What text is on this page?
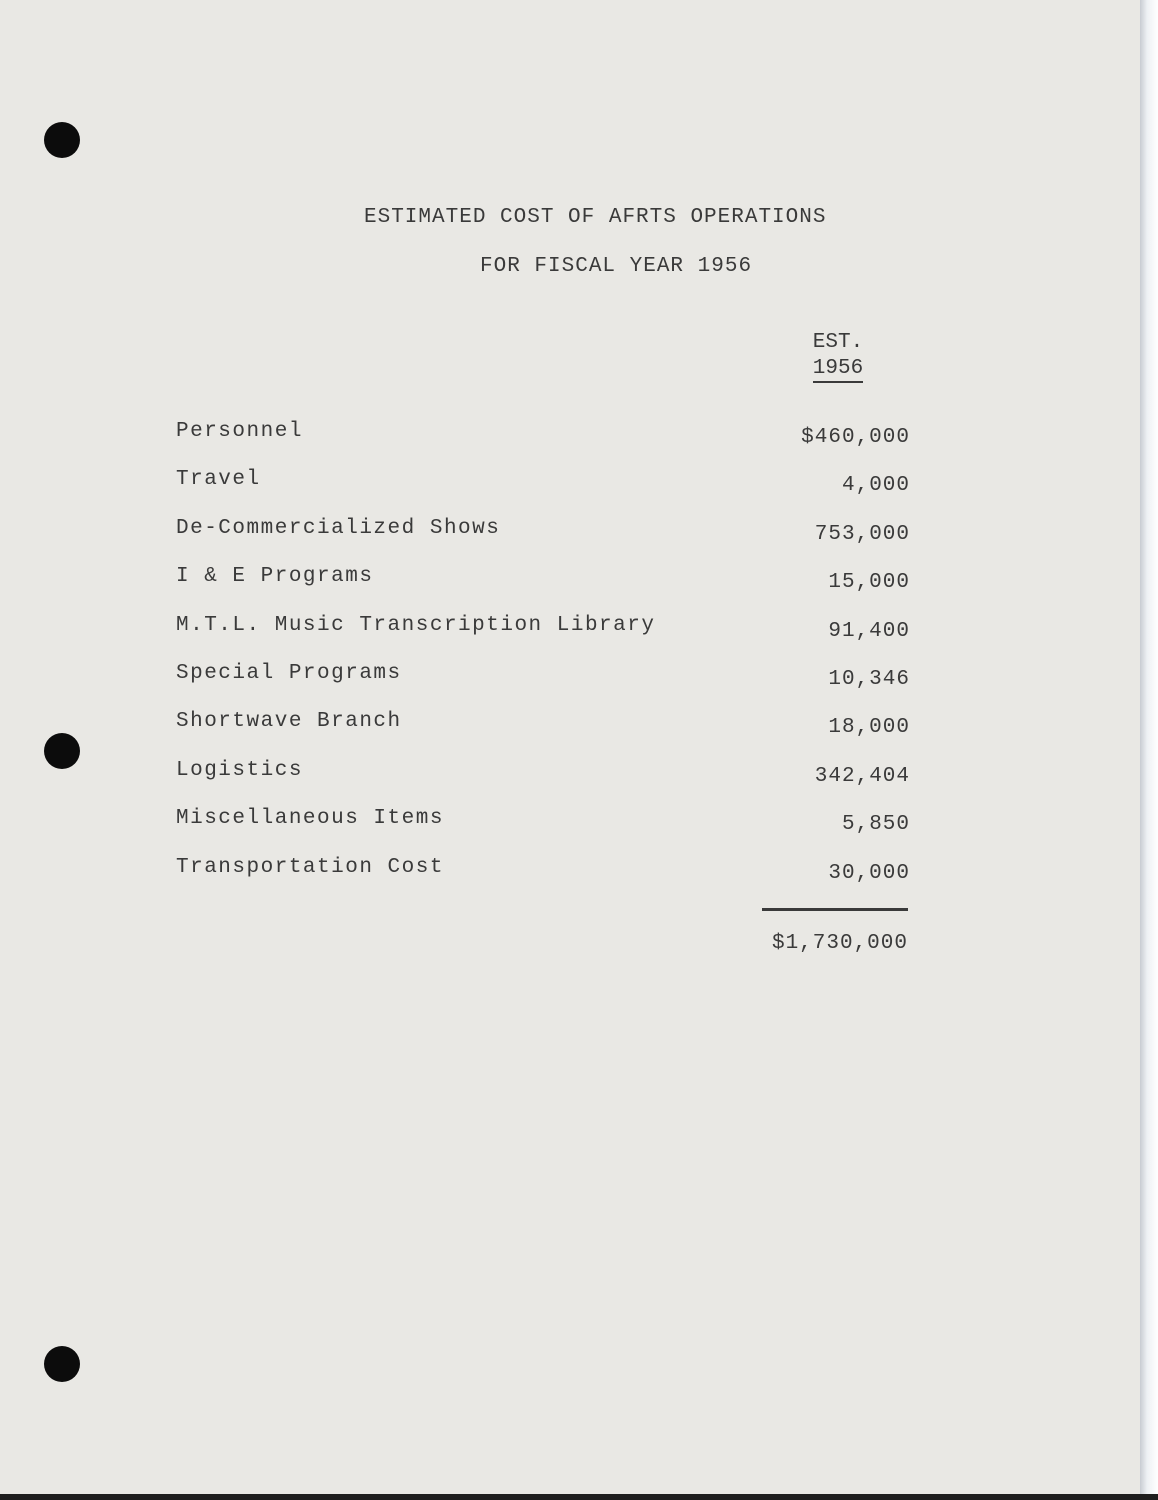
ESTIMATED COST OF AFRTS OPERATIONS
FOR FISCAL YEAR 1956
EST.
1956
Personnel	$460,000
Travel	4,000
De-Commercialized Shows	753,000
I & E Programs	15,000
M.T.L. Music Transcription Library	91,400
Special Programs	10,346
Shortwave Branch	18,000
Logistics	342,404
Miscellaneous Items	5,850
Transportation Cost	30,000
$1,730,000
